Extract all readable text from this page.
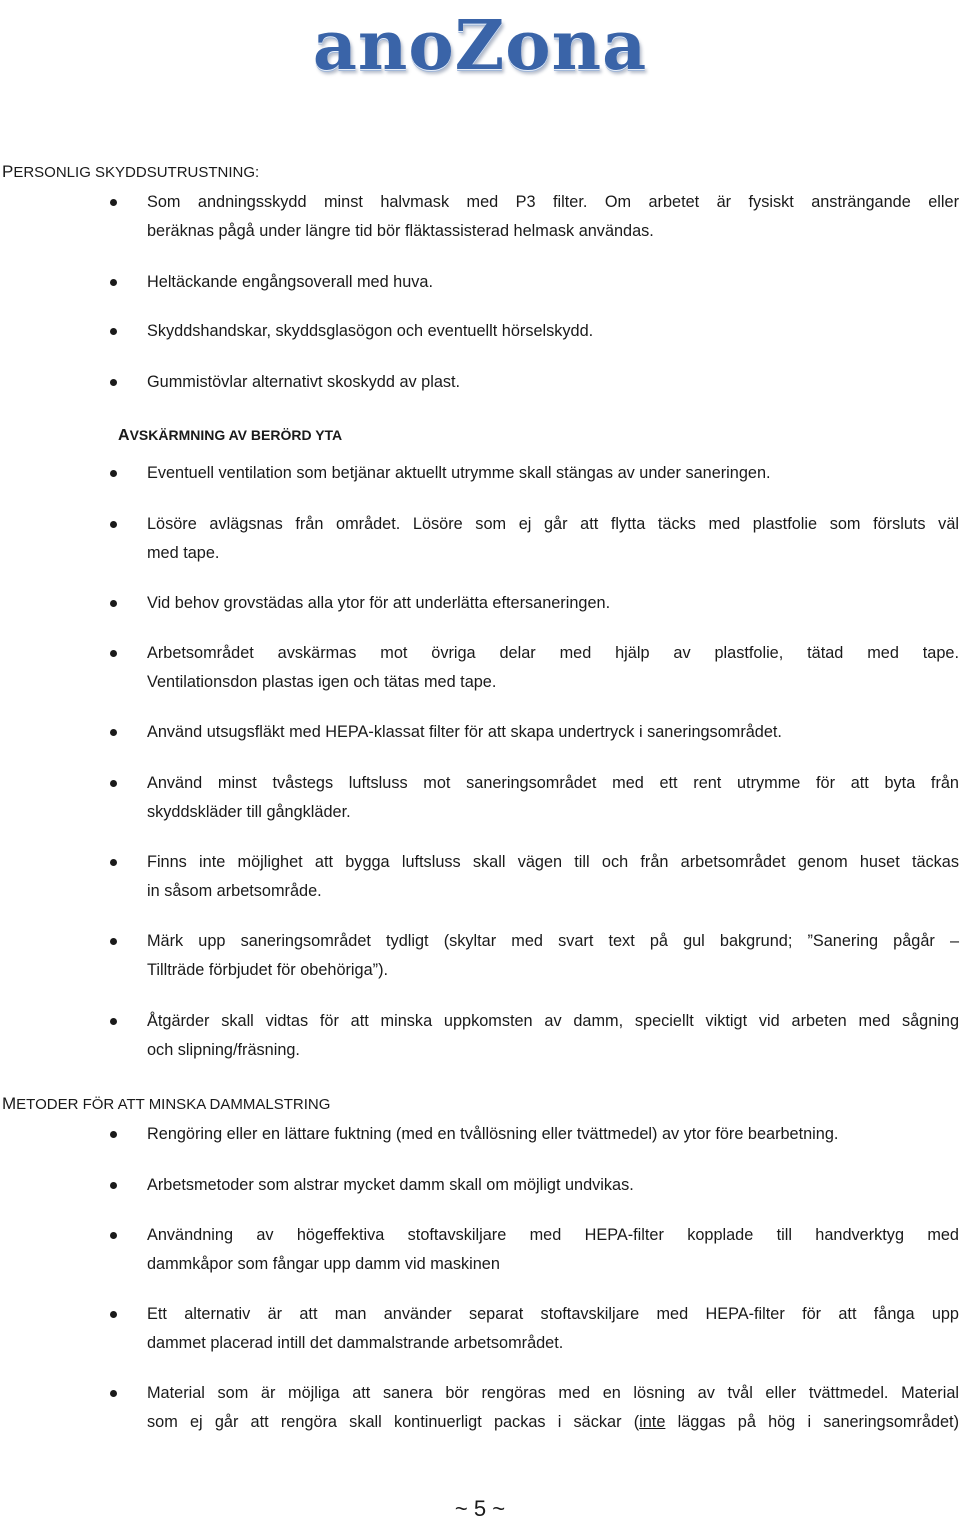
anoZona
PERSONLIG SKYDDSUTRUSTNING:

Som andningsskydd minst halvmask med P3 filter. Om arbetet är fysiskt ansträngande eller

beräknas pågå under längre tid bör fläktassisterad helmask användas.

Heltäckande engångsoverall med huva.

Skyddshandskar, skyddsglasögon och eventuellt hörselskydd.

Gummistövlar alternativt skoskydd av plast.

AVSKÄRMNING AV BERÖRD YTA

Eventuell ventilation som betjänar aktuellt utrymme skall stängas av under saneringen.

Lösöre avlägsnas från området. Lösöre som ej går att flytta täcks med plastfolie som försluts väl

med tape.

Vid behov grovstädas alla ytor för att underlätta eftersaneringen.

Arbetsområdet avskärmas mot övriga delar med hjälp av plastfolie, tätad med tape.

Ventilationsdon plastas igen och tätas med tape.

Använd utsugsfläkt med HEPA-klassat filter för att skapa undertryck i saneringsområdet.

Använd minst tvåstegs luftsluss mot saneringsområdet med ett rent utrymme för att byta från

skyddskläder till gångkläder.

Finns inte möjlighet att bygga luftsluss skall vägen till och från arbetsområdet genom huset täckas

in såsom arbetsområde.

Märk upp saneringsområdet tydligt (skyltar med svart text på gul bakgrund; ”Sanering pågår –

Tillträde förbjudet för obehöriga”).

Åtgärder skall vidtas för att minska uppkomsten av damm, speciellt viktigt vid arbeten med sågning

och slipning/fräsning.

METODER FÖR ATT MINSKA DAMMALSTRING

Rengöring eller en lättare fuktning (med en tvållösning eller tvättmedel) av ytor före bearbetning.

Arbetsmetoder som alstrar mycket damm skall om möjligt undvikas.

Användning av högeffektiva stoftavskiljare med HEPA-filter kopplade till handverktyg med

dammkåpor som fångar upp damm vid maskinen

Ett alternativ är att man använder separat stoftavskiljare med HEPA-filter för att fånga upp

dammet placerad intill det dammalstrande arbetsområdet.

Material som är möjliga att sanera bör rengöras med en lösning av tvål eller tvättmedel. Material

som ej går att rengöra skall kontinuerligt packas i säckar (inte läggas på hög i saneringsområdet)

~ 5 ~
